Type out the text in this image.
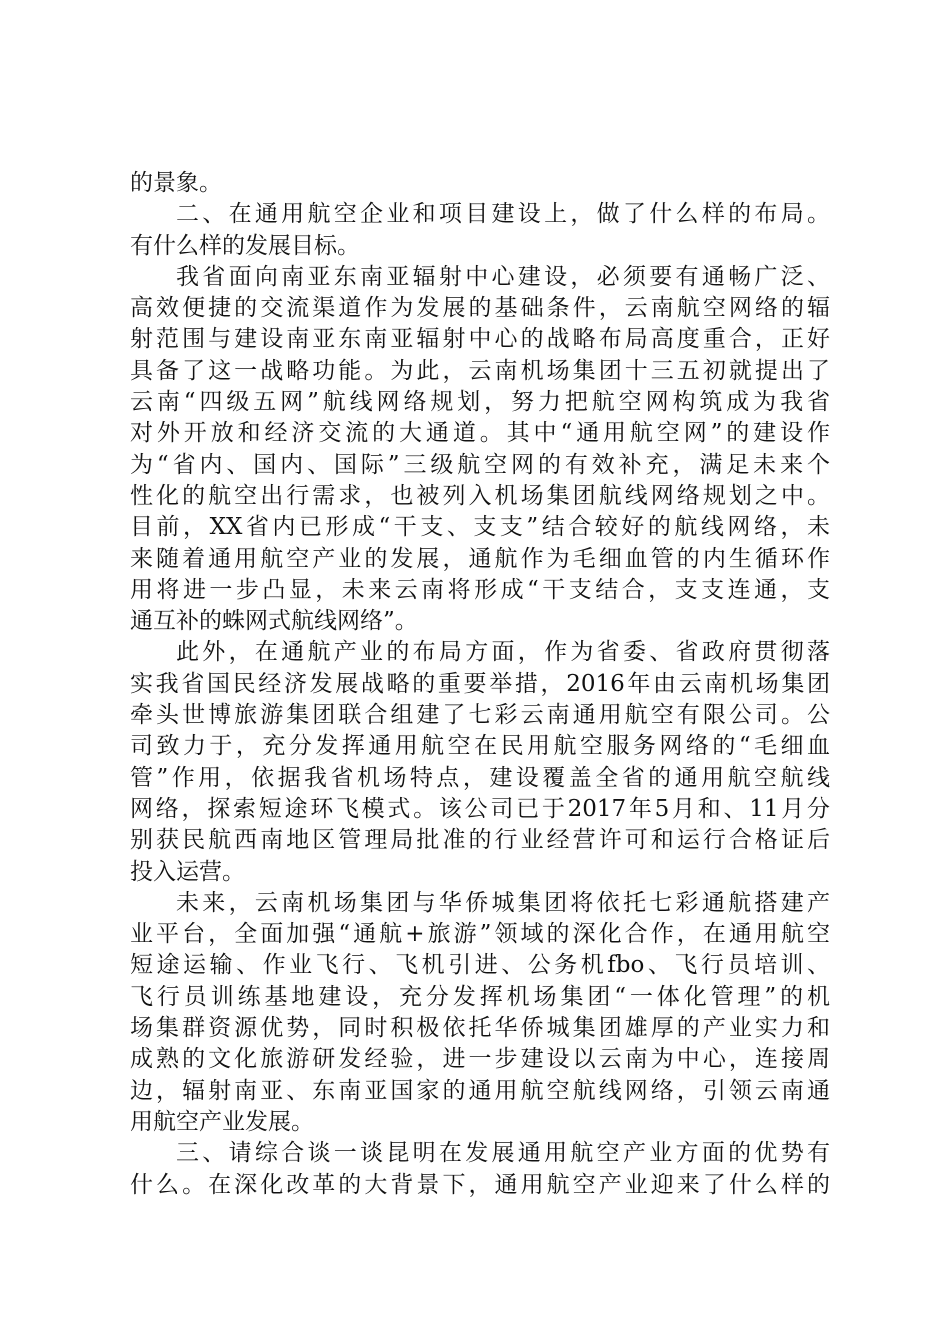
的景象。
二、在通用航空企业和项目建设上，做了什么样的布局。
有什么样的发展目标。
我省面向南亚东南亚辐射中心建设，必须要有通畅广泛、
高效便捷的交流渠道作为发展的基础条件，云南航空网络的辐
射范围与建设南亚东南亚辐射中心的战略布局高度重合，正好
具备了这一战略功能。为此，云南机场集团十三五初就提出了
云南“四级五网”航线网络规划，努力把航空网构筑成为我省
对外开放和经济交流的大通道。其中“通用航空网”的建设作
为“省内、国内、国际”三级航空网的有效补充，满足未来个
性化的航空出行需求，也被列入机场集团航线网络规划之中。
目前，XX省内已形成“干支、支支”结合较好的航线网络，未
来随着通用航空产业的发展，通航作为毛细血管的内生循环作
用将进一步凸显，未来云南将形成“干支结合，支支连通，支
通互补的蛛网式航线网络”。
此外，在通航产业的布局方面，作为省委、省政府贯彻落
实我省国民经济发展战略的重要举措，2016年由云南机场集团
牵头世博旅游集团联合组建了七彩云南通用航空有限公司。公
司致力于，充分发挥通用航空在民用航空服务网络的“毛细血
管”作用，依据我省机场特点，建设覆盖全省的通用航空航线
网络，探索短途环飞模式。该公司已于2017年5月和、11月分
别获民航西南地区管理局批准的行业经营许可和运行合格证后
投入运营。
未来，云南机场集团与华侨城集团将依托七彩通航搭建产
业平台，全面加强“通航+旅游”领域的深化合作，在通用航空
短途运输、作业飞行、飞机引进、公务机fbo、飞行员培训、
飞行员训练基地建设，充分发挥机场集团“一体化管理”的机
场集群资源优势，同时积极依托华侨城集团雄厚的产业实力和
成熟的文化旅游研发经验，进一步建设以云南为中心，连接周
边，辐射南亚、东南亚国家的通用航空航线网络，引领云南通
用航空产业发展。
三、请综合谈一谈昆明在发展通用航空产业方面的优势有
什么。在深化改革的大背景下，通用航空产业迎来了什么样的
